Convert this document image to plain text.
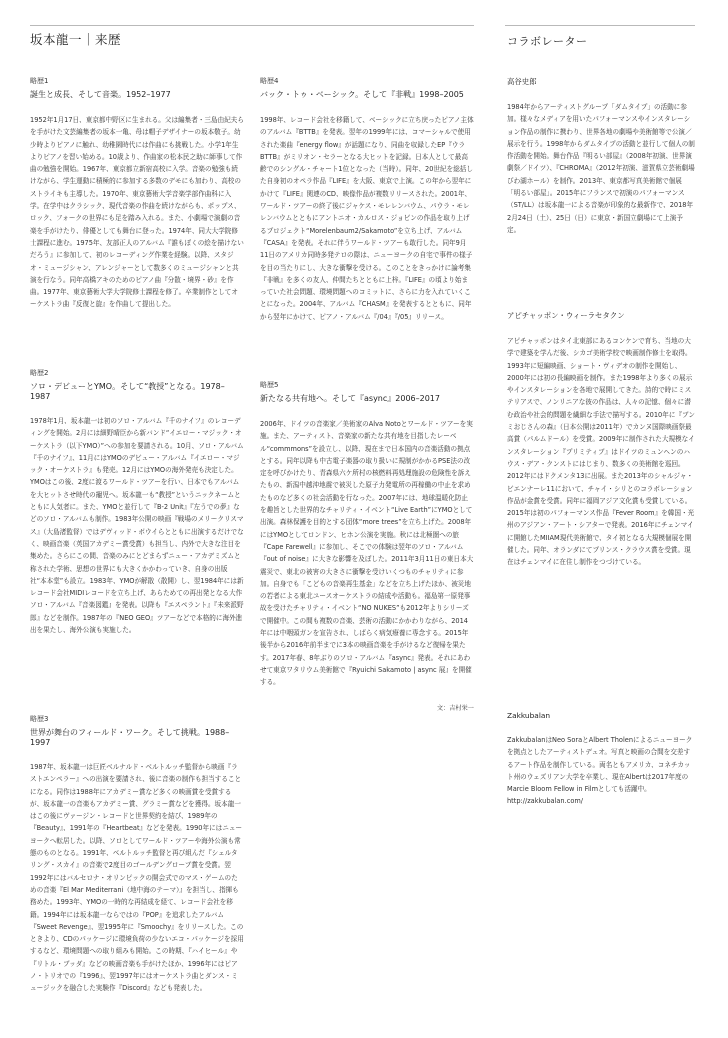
坂本龍一｜来歴	コラボレーター
略歴1
誕生と成長、そして音楽。1952–1977

1952年1月17日、東京都中野区に生まれる。父は編集者・三島由紀夫らを手がけた文芸編集者の坂本一亀、母は帽子デザイナーの坂本敬子。幼少時よりピアノに触れ、幼稚園時代には作曲にも挑戦した。小学1年生よりピアノを習い始める。10歳より、作曲家の松本民之助に師事して作曲の勉強を開始。1967年、東京都立新宿高校に入学。音楽の勉強も続けながら、学生運動に積極的に参加する多数のデモにも加わり、高校のストライキも主導した。1970年、東京藝術大学音楽学部作曲科に入学。在学中はクラシック、現代音楽の作曲を続けながらも、ポップス、ロック、フォークの世界にも足を踏み入れる。また、小劇場で演劇の音楽を手がけたり、俳優としても舞台に登った。1974年、同大大学院修士課程に進む。1975年、友部正人のアルバム『誰もぼくの絵を描けないだろう』に参加して、初のレコーディング作業を経験。以降、スタジオ・ミュージシャン、アレンジャーとして数多くのミュージシャンと共演を行なう。同年高橋アキのためのピアノ曲『分散・境界・砂』を作曲。1977年、東京藝術大学大学院修士課程を修了。卒業制作としてオーケストラ曲『反復と旋』を作曲して提出した。

略歴2
ソロ・デビューとYMO。そして“教授”となる。1978–1987

1978年1月、坂本龍一は初のソロ・アルバム『千のナイフ』のレコーディングを開始。2月には細野晴臣から新バンド“イエロー・マジック・オーケストラ（以下YMO）”への参加を要請される。10月、ソロ・アルバム『千のナイフ』、11月にはYMOのデビュー・アルバム『イエロー・マジック・オーケストラ』も発売。12月にはYMOの海外発売も決定した。YMOはこの後、2度に渡るワールド・ツアーを行い、日本でもアルバムを大ヒットさせ時代の寵児へ。坂本龍一も“教授”というニックネームとともに人気者に。また、YMOと並行して『B-2 Unit』『左うでの夢』などのソロ・アルバムも制作。1983年公開の映画『戦場のメリークリスマス』（大島渚監督）ではデヴィッド・ボウイらとともに出演するだけでなく、映画音楽（英国アカデミー賞受賞）も担当し、内外で大きな注目を集めた。さらにこの間、音楽のみにとどまらずニュー・アカデミズムと称された学術、思想の世界にも大きくかかわっていき、自身の出版社“本本堂”も設立。1983年、YMOが解散（散開）し、翌1984年には新レコード会社MIDIレコードを立ち上げ、あらためての再出発となる大作ソロ・アルバム『音楽図鑑』を発表。以降も『エスペラント』『未来派野郎』などを制作。1987年の『NEO GEO』ツアーなどで本格的に海外進出を果たし、海外公演も実施した。

略歴3
世界が舞台のフィールド・ワーク。そして挑戦。1988–1997

1987年、坂本龍一は巨匠ベルナルド・ベルトルッチ監督から映画『ラストエンペラー』への出演を要請され、後に音楽の制作も担当することになる。同作は1988年にアカデミー賞など多くの映画賞を受賞するが、坂本龍一の音楽もアカデミー賞、グラミー賞などを獲得。坂本龍一はこの後にヴァージン・レコードと世界契約を結び、1989年の『Beauty』、1991年の『Heartbeat』などを発表。1990年にはニューヨークへ転居した。以降、ソロとしてワールド・ツアーや海外公演も常態のものとなる。1991年、ベルトルッチ監督と再び組んだ『シェルタリング・スカイ』の音楽で2度目のゴールデングローブ賞を受賞。翌1992年にはバルセロナ・オリンピックの開会式でのマス・ゲームのための音楽『El Mar Mediterrani（地中海のテーマ）』を担当し、指揮も務めた。1993年、YMOの一時的な再結成を経て、レコード会社を移籍。1994年には坂本龍一ならではの『POP』を追求したアルバム『Sweet Revenge』、翌1995年に『Smoochy』をリリースした。このときより、CDのパッケージに環境負荷の少ないエコ・パッケージを採用するなど、環境問題への取り組みも開始。この時期、『ハイヒール』や『リトル・ブッダ』などの映画音楽も手がけたほか、1996年にはピアノ・トリオでの『1996』、翌1997年にはオーケストラ曲とダンス・ミュージックを融合した実験作『Discord』なども発表した。

略歴4
バック・トゥ・ベーシック。そして『非戦』1998–2005

1998年、レコード会社を移籍して、ベーシックに立ち戻ったピアノ主体のアルバム『BTTB』を発表。翌年の1999年には、コマーシャルで使用された楽曲『energy flow』が話題になり、同曲を収録したEP『ウラBTTB』がミリオン・セラーとなる大ヒットを記録。日本人として最高齢でのシングル・チャート1位となった（当時）。同年、20世紀を総括した自身初のオペラ作品『LIFE』を大阪、東京で上演。この年から翌年にかけて『LIFE』関連のCD、映像作品が複数リリースされた。2001年、ワールド・ツアーの終了後にジャケス・モレレンバウム、パウラ・モレレンバウムとともにアントニオ・カルロス・ジョビンの作品を取り上げるプロジェクト“Morelenbaum2/Sakamoto”を立ち上げ、アルバム『CASA』を発表。それに伴うワールド・ツアーも敢行した。同年9月11日のアメリカ同時多発テロの際は、ニューヨークの自宅で事件の様子を目の当たりにし、大きな衝撃を受ける。このことをきっかけに論考集『非戦』を多くの友人、仲間たちとともに上梓。『LIFE』の頃より始まっていた社会問題、環境問題へのコミットに、さらに力を入れていくことになった。2004年、アルバム『CHASM』を発表するとともに、同年から翌年にかけて、ピアノ・アルバム『/04』『/05』リリース。

略歴5
新たなる共有地へ。そして『async』2006–2017

2006年、ドイツの音楽家／美術家のAlva Notoとワールド・ツアーを実施。また、アーティスト、音楽家の新たな共有地を目指したレーベル“commmons”を設立し、以降、現在まで日本国内の音楽活動の拠点とする。同年以降も中古電子楽器の取り扱いに規制がかかるPSE法の改定を呼びかけたり、青森県六ケ所村の核燃料再処理施設の危険性を訴えたもの、新潟中越沖地震で被災した原子力発電所の再稼働の中止を求めたものなど多くの社会活動を行なった。2007年には、地球温暖化防止を趣旨とした世界的なチャリティ・イベント“Live Earth”にYMOとして出演。森林保護を目的とする団体“more trees”を立ち上げた。2008年にはYMOとしてロンドン、ヒホン公演を実施。秋には北極圏への旅『Cape Farewell』に参加し、そこでの体験は翌年のソロ・アルバム『out of noise』に大きな影響を及ぼした。2011年3月11日の東日本大震災で、東北の被害の大きさに衝撃を受けいくつものチャリティに参加。自身でも「こどもの音楽再生基金」などを立ち上げたほか、被災地の若者による東北ユースオーケストラの結成や活動も。福島第一原発事故を受けたチャリティ・イベント“NO NUKES”も2012年よりシリーズで開催中。この間も複数の音楽、芸術の活動にかかわりながら、2014年には中咽頭ガンを宣告され、しばらく病気療養に専念する。2015年後半から2016年前半までに3本の映画音楽を手がけるなど復帰を果たす。2017年春、8年ぶりのソロ・アルバム『async』発表。それにあわせて東京ワタリウム美術館で『Ryuichi Sakamoto | async 展』を開催する。

文：吉村栄一
高谷史郎

1984年からアーティストグループ「ダムタイプ」の活動に参加。様々なメディアを用いたパフォーマンスやインスタレーション作品の制作に携わり、世界各地の劇場や美術館等で公演／展示を行う。1998年からダムタイプの活動と並行して個人の制作活動を開始。舞台作品『明るい部屋』（2008年初演、世界演劇祭／ドイツ）、『CHROMA』（2012年初演、滋賀県立芸術劇場びわ湖ホール）を制作。2013年、東京都写真美術館で個展「明るい部屋」。2015年にフランスで初演のパフォーマンス（ST/LL）は坂本龍一による音楽が印象的な最新作で、2018年2月24日（土）、25日（日）に東京・新国立劇場にて上演予定。

アピチャッポン・ウィーラセタクン

アピチャッポンはタイ北東部にあるコンケンで育ち、当地の大学で建築を学んだ後、シカゴ美術学校で映画制作修士を取得。1993年に短編映画、ショート・ヴィデオの制作を開始し、2000年には初の長編映画を制作。また1998年より多くの展示やインスタレーションを各地で展開してきた。詩的で時にミステリアスで、ノンリニアな彼の作品は、人々の記憶、個々に潜む政治や社会的問題を繊細な手法で描写する。2010年に『ブンミおじさんの森』（日本公開は2011年）でカンヌ国際映画祭最高賞（パルムドール）を受賞。2009年に制作された大規模なインスタレーション『プリミティブ』はドイツのミュンヘンのハウス・デア・クンストにはじまり、数多くの美術館を巡回。2012年にはドクメンタ13に出展。また2013年のシャルジャ・ビエンナーレ11において、チャイ・シリとのコラボレーション作品が金賞を受賞。同年に福岡アジア文化賞も受賞している。2015年は初のパフォーマンス作品『Fever Room』を韓国・光州のアジアン・アート・シアターで発表。2016年にチェンマイに開館したMIIAM現代美術館で、タイ初となる大規模個展を開催した。同年、オランダにてプリンス・クラウス賞を受賞。現在はチェンマイに在住し制作をつづけている。

Zakkubalan

ZakkubalanはNeo SoraとAlbert Tholenによるニューヨークを拠点としたアーティストデュオ。写真と映画の合間を交差するアート作品を制作している。両名ともアメリカ、コネチカット州のウェズリアン大学を卒業し、現在Albertは2017年度のMarcie Bloom Fellow in Filmとしても活躍中。http://zakkubalan.com/
